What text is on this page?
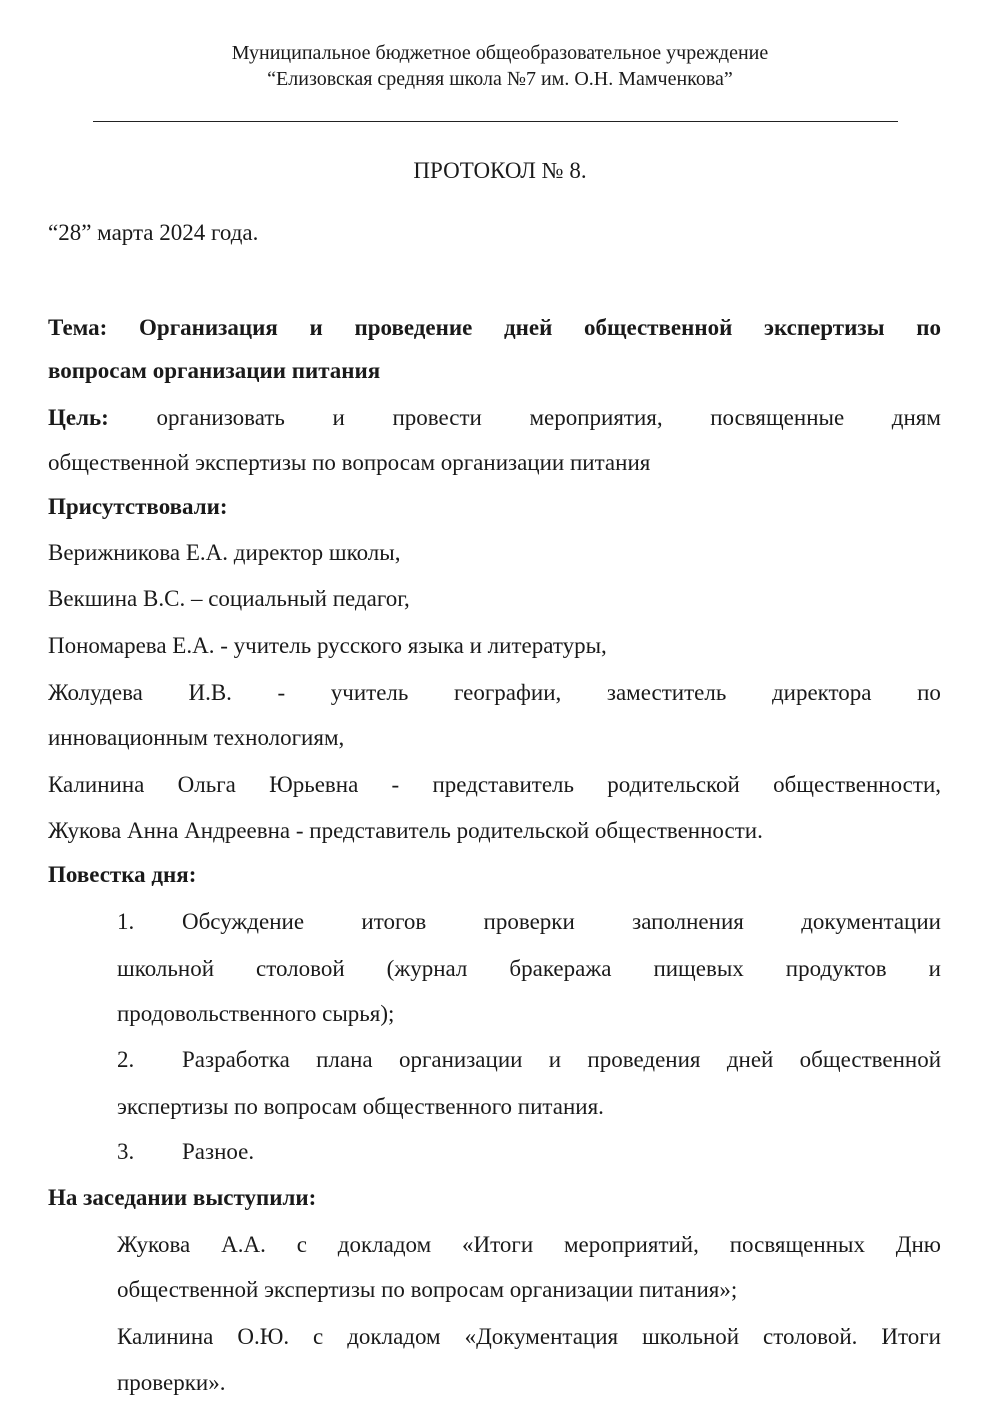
Муниципальное бюджетное общеобразовательное учреждение
“Елизовская средняя школа №7 им. О.Н. Мамченкова”
ПРОТОКОЛ № 8.
“28” марта 2024 года.
Тема: Организация и проведение дней общественной экспертизы по
вопросам организации питания
Цель: организовать и провести мероприятия, посвященные дням
общественной экспертизы по вопросам организации питания
Присутствовали:
Верижникова Е.А. директор школы,
Векшина В.С. – социальный педагог,
Пономарева Е.А. - учитель русского языка и литературы,
Жолудева И.В. - учитель географии, заместитель директора по
инновационным технологиям,
Калинина Ольга Юрьевна - представитель родительской общественности,
Жукова Анна Андреевна - представитель родительской общественности.
Повестка дня:
1. Обсуждение итогов проверки заполнения документации
школьной столовой (журнал бракеража пищевых продуктов и
продовольственного сырья);
2. Разработка плана организации и проведения дней общественной
экспертизы по вопросам общественного питания.
3. Разное.
На заседании выступили:
Жукова А.А. с докладом «Итоги мероприятий, посвященных Дню
общественной экспертизы по вопросам организации питания»;
Калинина О.Ю. с докладом «Документация школьной столовой. Итоги
проверки».
